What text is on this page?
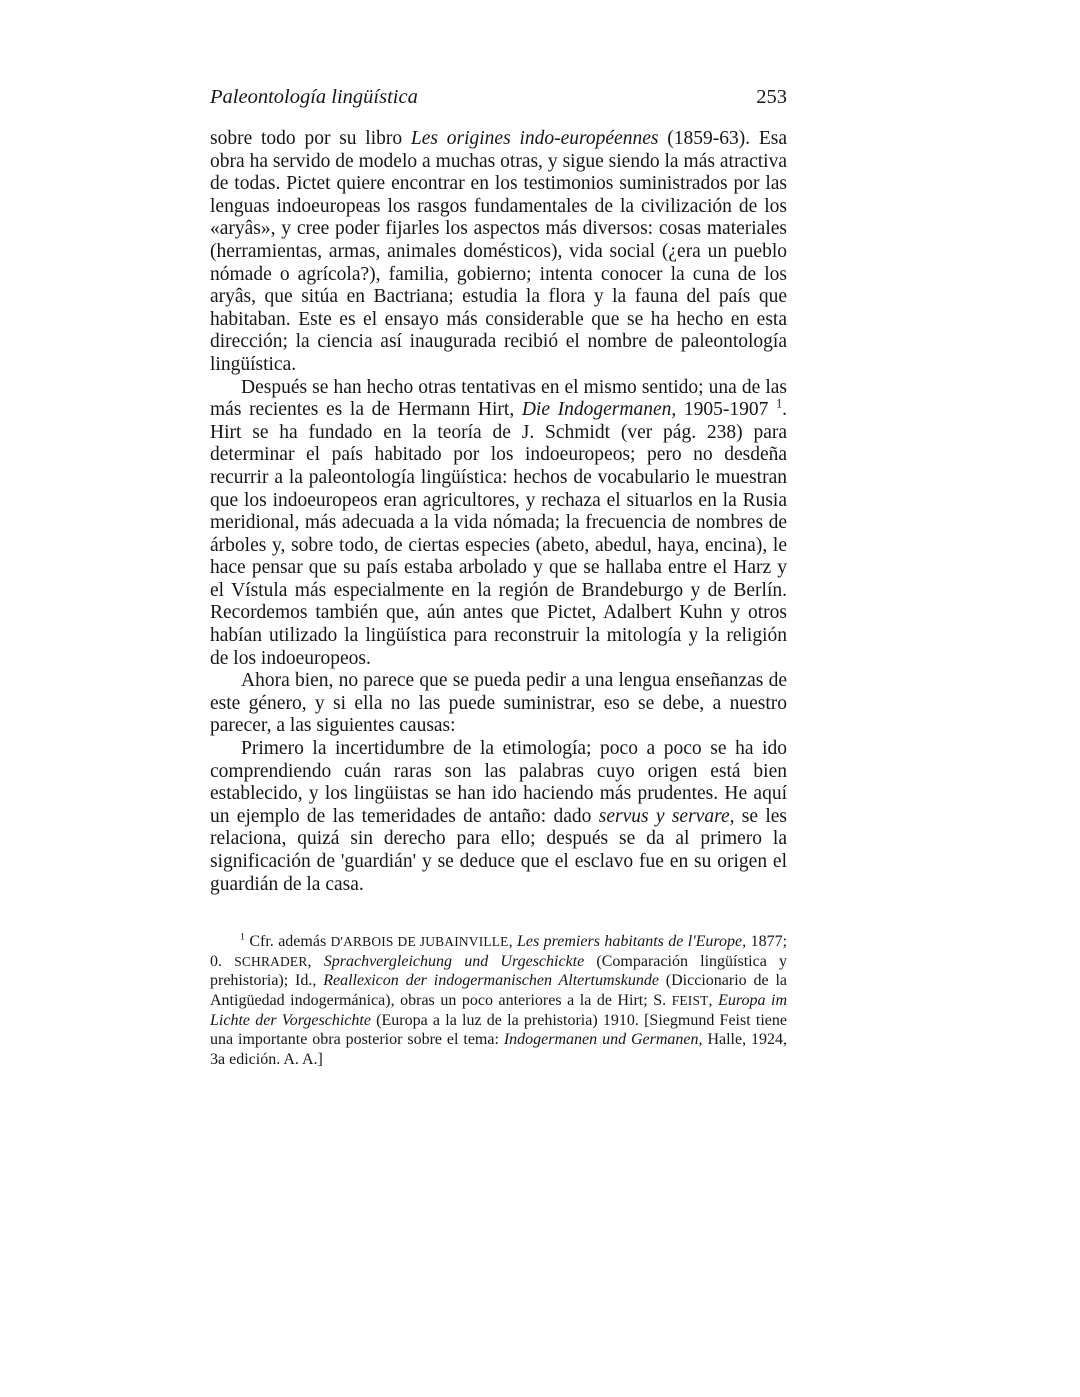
Paleontología lingüística	253

sobre todo por su libro Les origines indo-européennes (1859-63). Esa obra ha servido de modelo a muchas otras, y sigue siendo la más atractiva de todas. Pictet quiere encontrar en los testimonios suministrados por las lenguas indoeuropeas los rasgos fundamentales de la civilización de los «aryâs», y cree poder fijarles los aspectos más diversos: cosas materiales (herramientas, armas, animales domésticos), vida social (¿era un pueblo nómade o agrícola?), familia, gobierno; intenta conocer la cuna de los aryâs, que sitúa en Bactriana; estudia la flora y la fauna del país que habitaban. Este es el ensayo más considerable que se ha hecho en esta dirección; la ciencia así inaugurada recibió el nombre de paleontología lingüística.

Después se han hecho otras tentativas en el mismo sentido; una de las más recientes es la de Hermann Hirt, Die Indogermanen, 1905-1907 $^1$. Hirt se ha fundado en la teoría de J. Schmidt (ver pág. 238) para determinar el país habitado por los indoeuropeos; pero no desdeña recurrir a la paleontología lingüística: hechos de vocabulario le muestran que los indoeuropeos eran agricultores, y rechaza el situarlos en la Rusia meridional, más adecuada a la vida nómada; la frecuencia de nombres de árboles y, sobre todo, de ciertas especies (abeto, abedul, haya, encina), le hace pensar que su país estaba arbolado y que se hallaba entre el Harz y el Vístula más especialmente en la región de Brandeburgo y de Berlín. Recordemos también que, aún antes que Pictet, Adalbert Kuhn y otros habían utilizado la lingüística para reconstruir la mitología y la religión de los indoeuropeos.

Ahora bien, no parece que se pueda pedir a una lengua enseñanzas de este género, y si ella no las puede suministrar, eso se debe, a nuestro parecer, a las siguientes causas:

Primero la incertidumbre de la etimología; poco a poco se ha ido comprendiendo cuán raras son las palabras cuyo origen está bien establecido, y los lingüistas se han ido haciendo más prudentes. He aquí un ejemplo de las temeridades de antaño: dado servus y servare, se les relaciona, quizá sin derecho para ello; después se da al primero la significación de 'guardián' y se deduce que el esclavo fue en su origen el guardián de la casa.

$^1$ Cfr. además D'ARBOIS DE JUBAINVILLE, Les premiers habitants de l'Europe, 1877; 0. SCHRADER, Sprachvergleichung und Urgeschickte (Comparación lingüística y prehistoria); Id., Reallexicon der indogermanischen Altertumskunde (Diccionario de la Antigüedad indogermánica), obras un poco anteriores a la de Hirt; S. FEIST, Europa im Lichte der Vorgeschichte (Europa a la luz de la prehistoria) 1910. [Siegmund Feist tiene una importante obra posterior sobre el tema: Indogermanen und Germanen, Halle, 1924, 3a edición. A. A.]
